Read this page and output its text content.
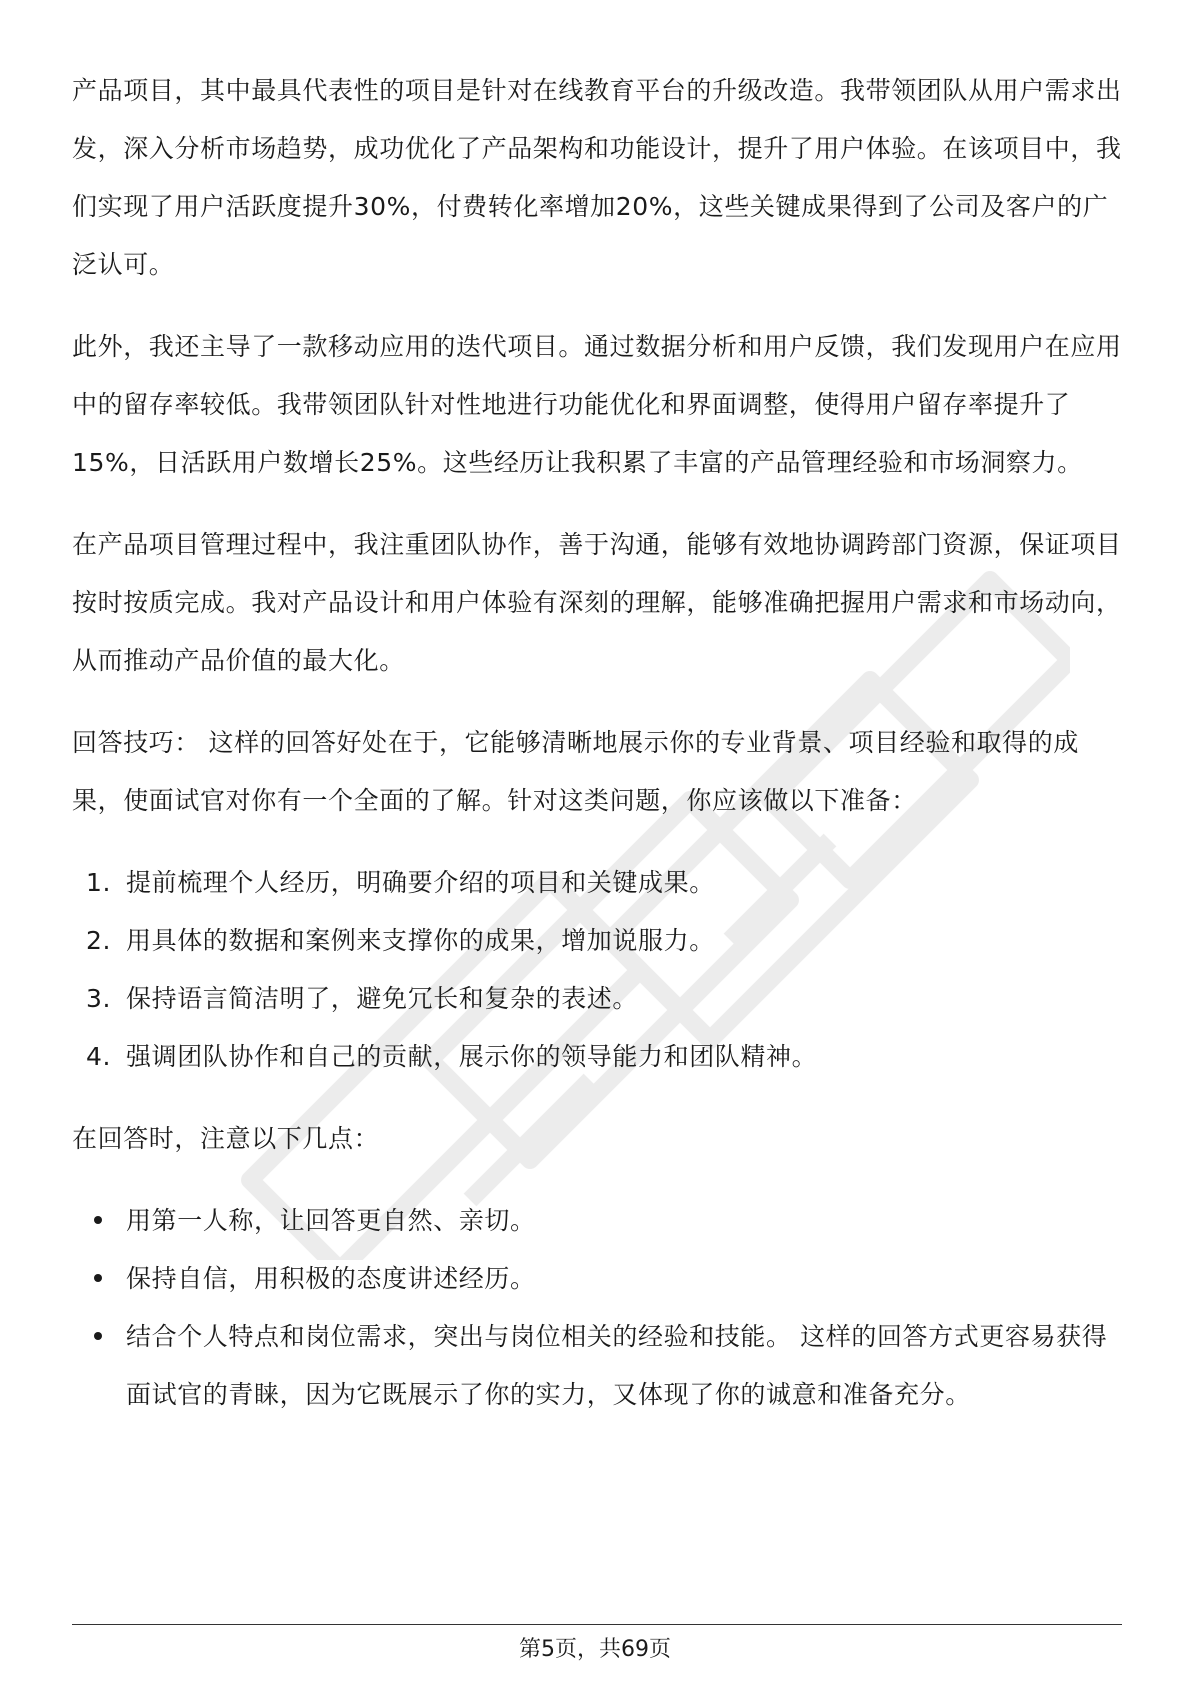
产品项目，其中最具代表性的项目是针对在线教育平台的升级改造。我带领团队从用户需求出发，深入分析市场趋势，成功优化了产品架构和功能设计，提升了用户体验。在该项目中，我们实现了用户活跃度提升30%，付费转化率增加20%，这些关键成果得到了公司及客户的广泛认可。

此外，我还主导了一款移动应用的迭代项目。通过数据分析和用户反馈，我们发现用户在应用中的留存率较低。我带领团队针对性地进行功能优化和界面调整，使得用户留存率提升了15%，日活跃用户数增长25%。这些经历让我积累了丰富的产品管理经验和市场洞察力。

在产品项目管理过程中，我注重团队协作，善于沟通，能够有效地协调跨部门资源，保证项目按时按质完成。我对产品设计和用户体验有深刻的理解，能够准确把握用户需求和市场动向，从而推动产品价值的最大化。

回答技巧： 这样的回答好处在于，它能够清晰地展示你的专业背景、项目经验和取得的成果，使面试官对你有一个全面的了解。针对这类问题，你应该做以下准备：

1. 提前梳理个人经历，明确要介绍的项目和关键成果。
2. 用具体的数据和案例来支撑你的成果，增加说服力。
3. 保持语言简洁明了，避免冗长和复杂的表述。
4. 强调团队协作和自己的贡献，展示你的领导能力和团队精神。

在回答时，注意以下几点：

用第一人称，让回答更自然、亲切。
保持自信，用积极的态度讲述经历。
结合个人特点和岗位需求，突出与岗位相关的经验和技能。 这样的回答方式更容易获得面试官的青睐，因为它既展示了你的实力，又体现了你的诚意和准备充分。
第5页，共69页
